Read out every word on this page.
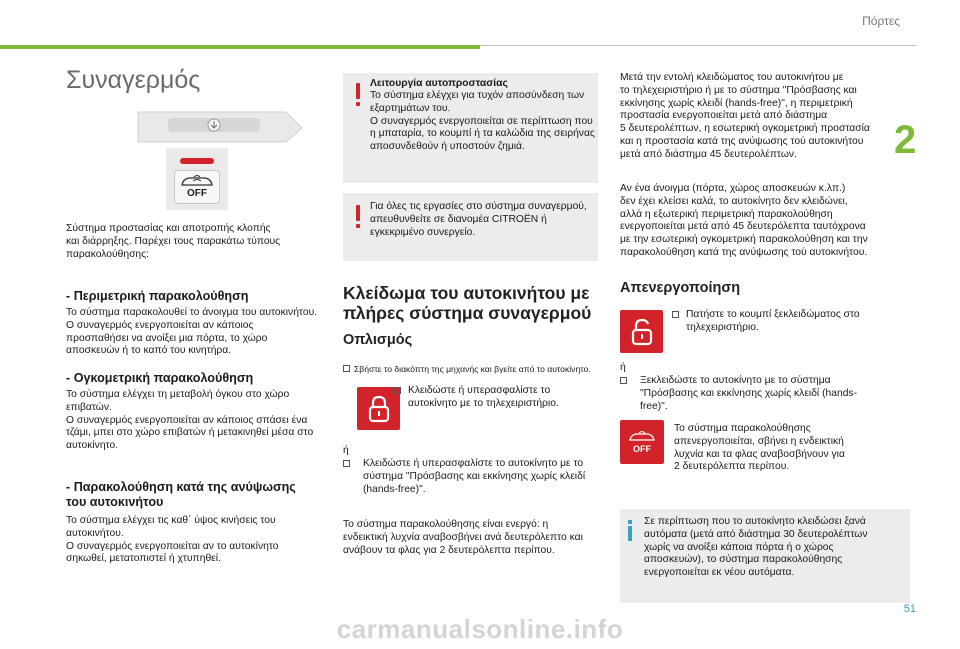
Πόρτες
2
Συναγερμός
OFF
Σύστημα προστασίας και αποτροπής κλοπής
και διάρρηξης. Παρέχει τους παρακάτω τύπους
παρακολούθησης:
- Περιμετρική παρακολούθηση
Το σύστημα παρακολουθεί το άνοιγμα του αυτοκινήτου.
Ο συναγερμός ενεργοποιείται αν κάποιος
προσπαθήσει να ανοίξει μια πόρτα, το χώρο
αποσκευών ή το καπό του κινητήρα.
- Ογκομετρική παρακολούθηση
Το σύστημα ελέγχει τη μεταβολή όγκου στο χώρο
επιβατών.
Ο συναγερμός ενεργοποιείται αν κάποιος σπάσει ένα
τζάμι, μπει στο χώρο επιβατών ή μετακινηθεί μέσα στο
αυτοκίνητο.
- Παρακολούθηση κατά της ανύψωσης
του αυτοκινήτου
Το σύστημα ελέγχει τις καθ΄ ύψος κινήσεις του
αυτοκινήτου.
Ο συναγερμός ενεργοποιείται αν το αυτοκίνητο
σηκωθεί, μετατοπιστεί ή χτυπηθεί.
Λειτουργία αυτοπροστασίας
Το σύστημα ελέγχει για τυχόν αποσύνδεση των
εξαρτημάτων του.
Ο συναγερμός ενεργοποιείται σε περίπτωση που
η μπαταρία, το κουμπί ή τα καλώδια της σειρήνας
αποσυνδεθούν ή υποστούν ζημιά.
Για όλες τις εργασίες στο σύστημα συναγερμού,
απευθυνθείτε σε διανομέα CITROËN ή
εγκεκριμένο συνεργείο.
Κλείδωμα του αυτοκινήτου με
πλήρες σύστημα συναγερμού
Οπλισμός
Σβήστε το διακόπτη της μηχανής και βγείτε από το αυτοκίνητο.
Κλειδώστε ή υπερασφαλίστε το
αυτοκίνητο με το τηλεχειριστήριο.
ή
Κλειδώστε ή υπερασφαλίστε το αυτοκίνητο με το
σύστημα "Πρόσβασης και εκκίνησης χωρίς κλειδί
(hands-free)".
Το σύστημα παρακολούθησης είναι ενεργό: η
ενδεικτική λυχνία αναβοσβήνει ανά δευτερόλεπτο και
ανάβουν τα φλας για 2 δευτερόλεπτα περίπου.
Μετά την εντολή κλειδώματος του αυτοκινήτου με
το τηλεχειριστήριο ή με το σύστημα "Πρόσβασης και
εκκίνησης χωρίς κλειδί (hands-free)", η περιμετρική
προστασία ενεργοποιείται μετά από διάστημα
5 δευτερολέπτων, η εσωτερική ογκομετρική προστασία
και η προστασία κατά της ανύψωσης τού αυτοκινήτου
μετά από διάστημα 45 δευτερολέπτων.
Αν ένα άνοιγμα (πόρτα, χώρος αποσκευών κ.λπ.)
δεν έχει κλείσει καλά, το αυτοκίνητο δεν κλειδώνει,
αλλά η εξωτερική περιμετρική παρακολούθηση
ενεργοποιείται μετά από 45 δευτερόλεπτα ταυτόχρονα
με την εσωτερική ογκομετρική παρακολούθηση και την
παρακολούθηση κατά της ανύψωσης τού αυτοκινήτου.
Απενεργοποίηση
Πατήστε το κουμπί ξεκλειδώματος στο
τηλεχειριστήριο.
ή
Ξεκλειδώστε το αυτοκίνητο με το σύστημα
"Πρόσβασης και εκκίνησης χωρίς κλειδί (hands-
free)".
OFF
Το σύστημα παρακολούθησης
απενεργοποιείται, σβήνει η ενδεικτική
λυχνία και τα φλας αναβοσβήνουν για
2 δευτερόλεπτα περίπου.
Σε περίπτωση που το αυτοκίνητο κλειδώσει ξανά
αυτόματα (μετά από διάστημα 30 δευτερολέπτων
χωρίς να ανοίξει κάποια πόρτα ή ο χώρος
αποσκευών), το σύστημα παρακολούθησης
ενεργοποιείται εκ νέου αυτόματα.
51
carmanualsonline.info
